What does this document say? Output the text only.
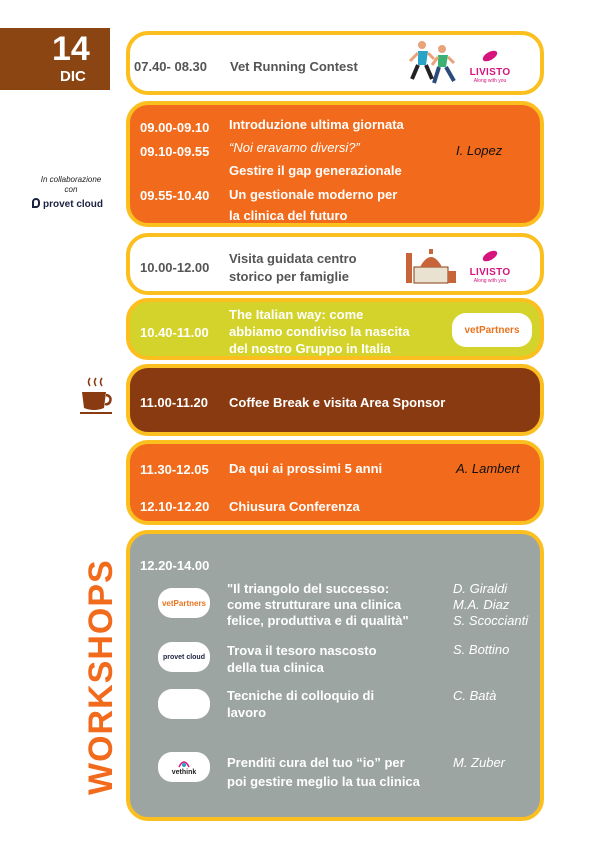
14
DIC
07.40- 08.30 Vet Running Contest	LIVISTO
Along with you
09.00-09.10 Introduzione ultima giornata
09.10-09.55 “Noi eravamo diversi?”	I. Lopez
Gestire il gap generazionale
09.55-10.40 Un gestionale moderno per
la clinica del futuro
In collaborazione
con
provet cloud
10.00-12.00
Visita guidata centro
storico per famiglie	LIVISTO
Along with you
10.40-11.00
The Italian way: come
abbiamo condiviso la nascita
del nostro Gruppo in Italia
vetPartners
11.00-11.20 Coffee Break e visita Area Sponsor
11.30-12.05 Da qui ai prossimi 5 anni	A. Lambert
12.10-12.20 Chiusura Conferenza
WORKSHOPS 12.20-14.00
vetPartners
"Il triangolo del successo:
come strutturare una clinica
felice, produttiva e di qualità"
D. Giraldi
M.A. Diaz
S. Scoccianti
provet cloud Trova il tesoro nascosto
della tua clinica
S. Bottino
Tecniche di colloquio di
lavoro
C. Batà
vethink
Prenditi cura del tuo “io” per
poi gestire meglio la tua clinica
M. Zuber
